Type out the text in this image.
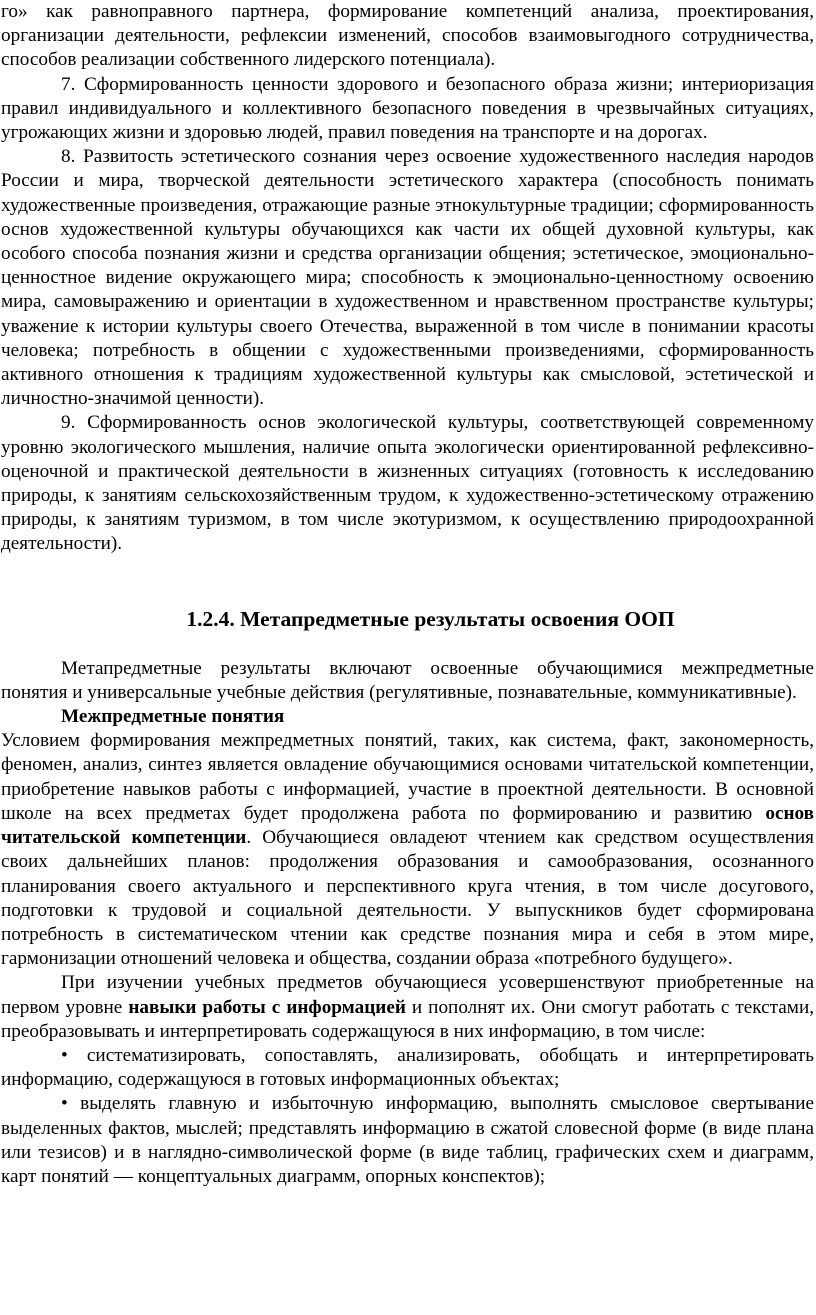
го» как равноправного партнера, формирование компетенций анализа, проектирования, организации деятельности, рефлексии изменений, способов взаимовыгодного сотрудничества, способов реализации собственного лидерского потенциала).

7. Сформированность ценности здорового и безопасного образа жизни; интериоризация правил индивидуального и коллективного безопасного поведения в чрезвычайных ситуациях, угрожающих жизни и здоровью людей, правил поведения на транспорте и на дорогах.

8. Развитость эстетического сознания через освоение художественного наследия народов России и мира, творческой деятельности эстетического характера (способность понимать художественные произведения, отражающие разные этнокультурные традиции; сформированность основ художественной культуры обучающихся как части их общей духовной культуры, как особого способа познания жизни и средства организации общения; эстетическое, эмоционально-ценностное видение окружающего мира; способность к эмоционально-ценностному освоению мира, самовыражению и ориентации в художественном и нравственном пространстве культуры; уважение к истории культуры своего Отечества, выраженной в том числе в понимании красоты человека; потребность в общении с художественными произведениями, сформированность активного отношения к традициям художественной культуры как смысловой, эстетической и личностно-значимой ценности).

9. Сформированность основ экологической культуры, соответствующей современному уровню экологического мышления, наличие опыта экологически ориентированной рефлексивно-оценочной и практической деятельности в жизненных ситуациях (готовность к исследованию природы, к занятиям сельскохозяйственным трудом, к художественно-эстетическому отражению природы, к занятиям туризмом, в том числе экотуризмом, к осуществлению природоохранной деятельности).

1.2.4. Метапредметные результаты освоения ООП

Метапредметные результаты включают освоенные обучающимися межпредметные понятия и универсальные учебные действия (регулятивные, познавательные, коммуникативные).

Межпредметные понятия

Условием формирования межпредметных понятий, таких, как система, факт, закономерность, феномен, анализ, синтез является овладение обучающимися основами читательской компетенции, приобретение навыков работы с информацией, участие в проектной деятельности. В основной школе на всех предметах будет продолжена работа по формированию и развитию основ читательской компетенции. Обучающиеся овладеют чтением как средством осуществления своих дальнейших планов: продолжения образования и самообразования, осознанного планирования своего актуального и перспективного круга чтения, в том числе досугового, подготовки к трудовой и социальной деятельности. У выпускников будет сформирована потребность в систематическом чтении как средстве познания мира и себя в этом мире, гармонизации отношений человека и общества, создании образа «потребного будущего».

При изучении учебных предметов обучающиеся усовершенствуют приобретенные на первом уровне навыки работы с информацией и пополнят их. Они смогут работать с текстами, преобразовывать и интерпретировать содержащуюся в них информацию, в том числе:

• систематизировать, сопоставлять, анализировать, обобщать и интерпретировать информацию, содержащуюся в готовых информационных объектах;

• выделять главную и избыточную информацию, выполнять смысловое свертывание выделенных фактов, мыслей; представлять информацию в сжатой словесной форме (в виде плана или тезисов) и в наглядно-символической форме (в виде таблиц, графических схем и диаграмм, карт понятий — концептуальных диаграмм, опорных конспектов);
